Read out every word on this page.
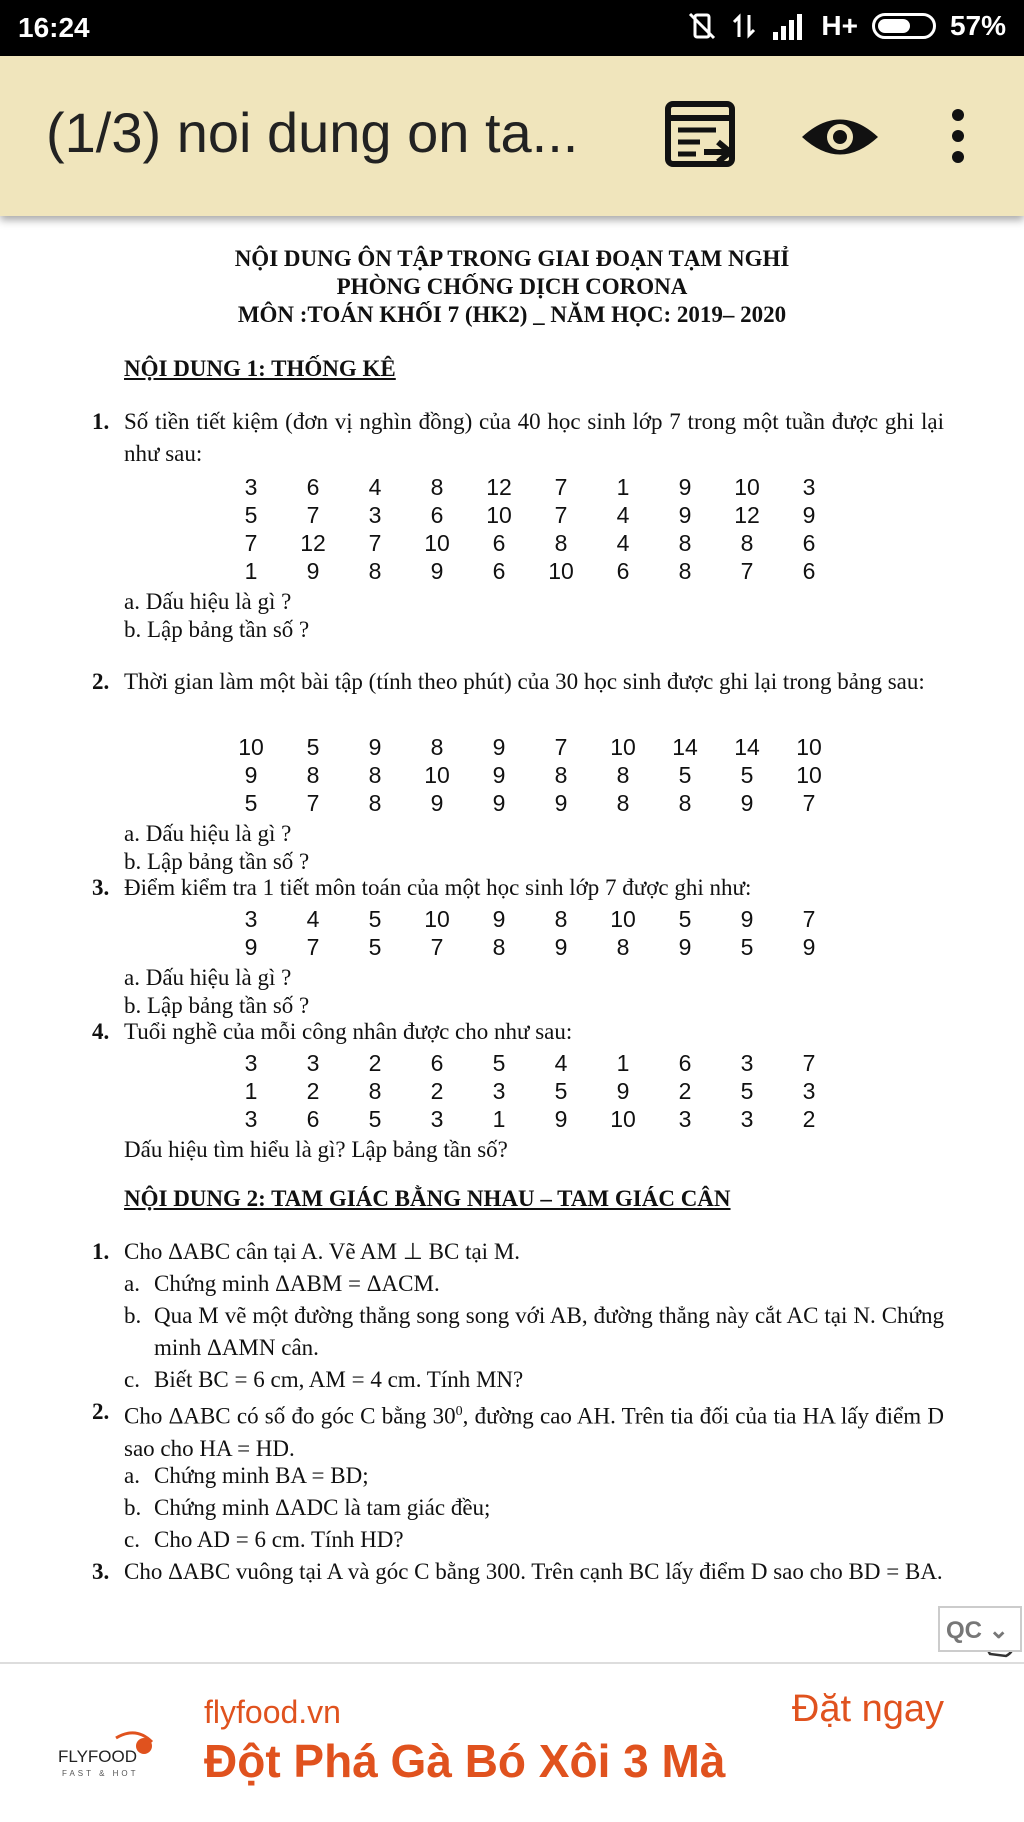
16:24	H+	57%
(1/3) noi dung on ta...
NỘI DUNG ÔN TẬP TRONG GIAI ĐOẠN TẠM NGHỈ
PHÒNG CHỐNG DỊCH CORONA
MÔN :TOÁN KHỐI 7 (HK2) _ NĂM HỌC: 2019– 2020
NỘI DUNG 1: THỐNG KÊ
1. Số tiền tiết kiệm (đơn vị nghìn đồng) của 40 học sinh lớp 7 trong một tuần được ghi lại như sau:
3	6	4	8	12	7	1	9	10	3
5	7	3	6	10	7	4	9	12	9
7	12	7	10	6	8	4	8	8	6
1	9	8	9	6	10	6	8	7	6
a. Dấu hiệu là gì ?
b. Lập bảng tần số ?
2. Thời gian làm một bài tập (tính theo phút) của 30 học sinh được ghi lại trong bảng sau:
10	5	9	8	9	7	10	14	14	10
9	8	8	10	9	8	8	5	5	10
5	7	8	9	9	9	8	8	9	7
a. Dấu hiệu là gì ?
b. Lập bảng tần số ?
3. Điểm kiểm tra 1 tiết môn toán của một học sinh lớp 7 được ghi như:
3	4	5	10	9	8	10	5	9	7
9	7	5	7	8	9	8	9	5	9
a. Dấu hiệu là gì ?
b. Lập bảng tần số ?
4. Tuổi nghề của mỗi công nhân được cho như sau:
3	3	2	6	5	4	1	6	3	7
1	2	8	2	3	5	9	2	5	3
3	6	5	3	1	9	10	3	3	2
Dấu hiệu tìm hiểu là gì? Lập bảng tần số?
NỘI DUNG 2: TAM GIÁC BẰNG NHAU – TAM GIÁC CÂN
1. Cho ΔABC cân tại A. Vẽ AM ⊥ BC tại M.
a. Chứng minh ΔABM = ΔACM.
b. Qua M vẽ một đường thẳng song song với AB, đường thẳng này cắt AC tại N. Chứng minh ΔAMN cân.
c. Biết BC = 6 cm, AM = 4 cm. Tính MN?
2. Cho ΔABC có số đo góc C bằng $30^0$, đường cao AH. Trên tia đối của tia HA lấy điểm D sao cho HA = HD.
a. Chứng minh BA = BD;
b. Chứng minh ΔADC là tam giác đều;
c. Cho AD = 6 cm. Tính HD?
3. Cho ΔABC vuông tại A và góc C bằng 300. Trên cạnh BC lấy điểm D sao cho BD = BA.
QC ⌄
FLYFOOD
FAST & HOT
flyfood.vn
Đột Phá Gà Bó Xôi 3 Mà
Đặt ngay
